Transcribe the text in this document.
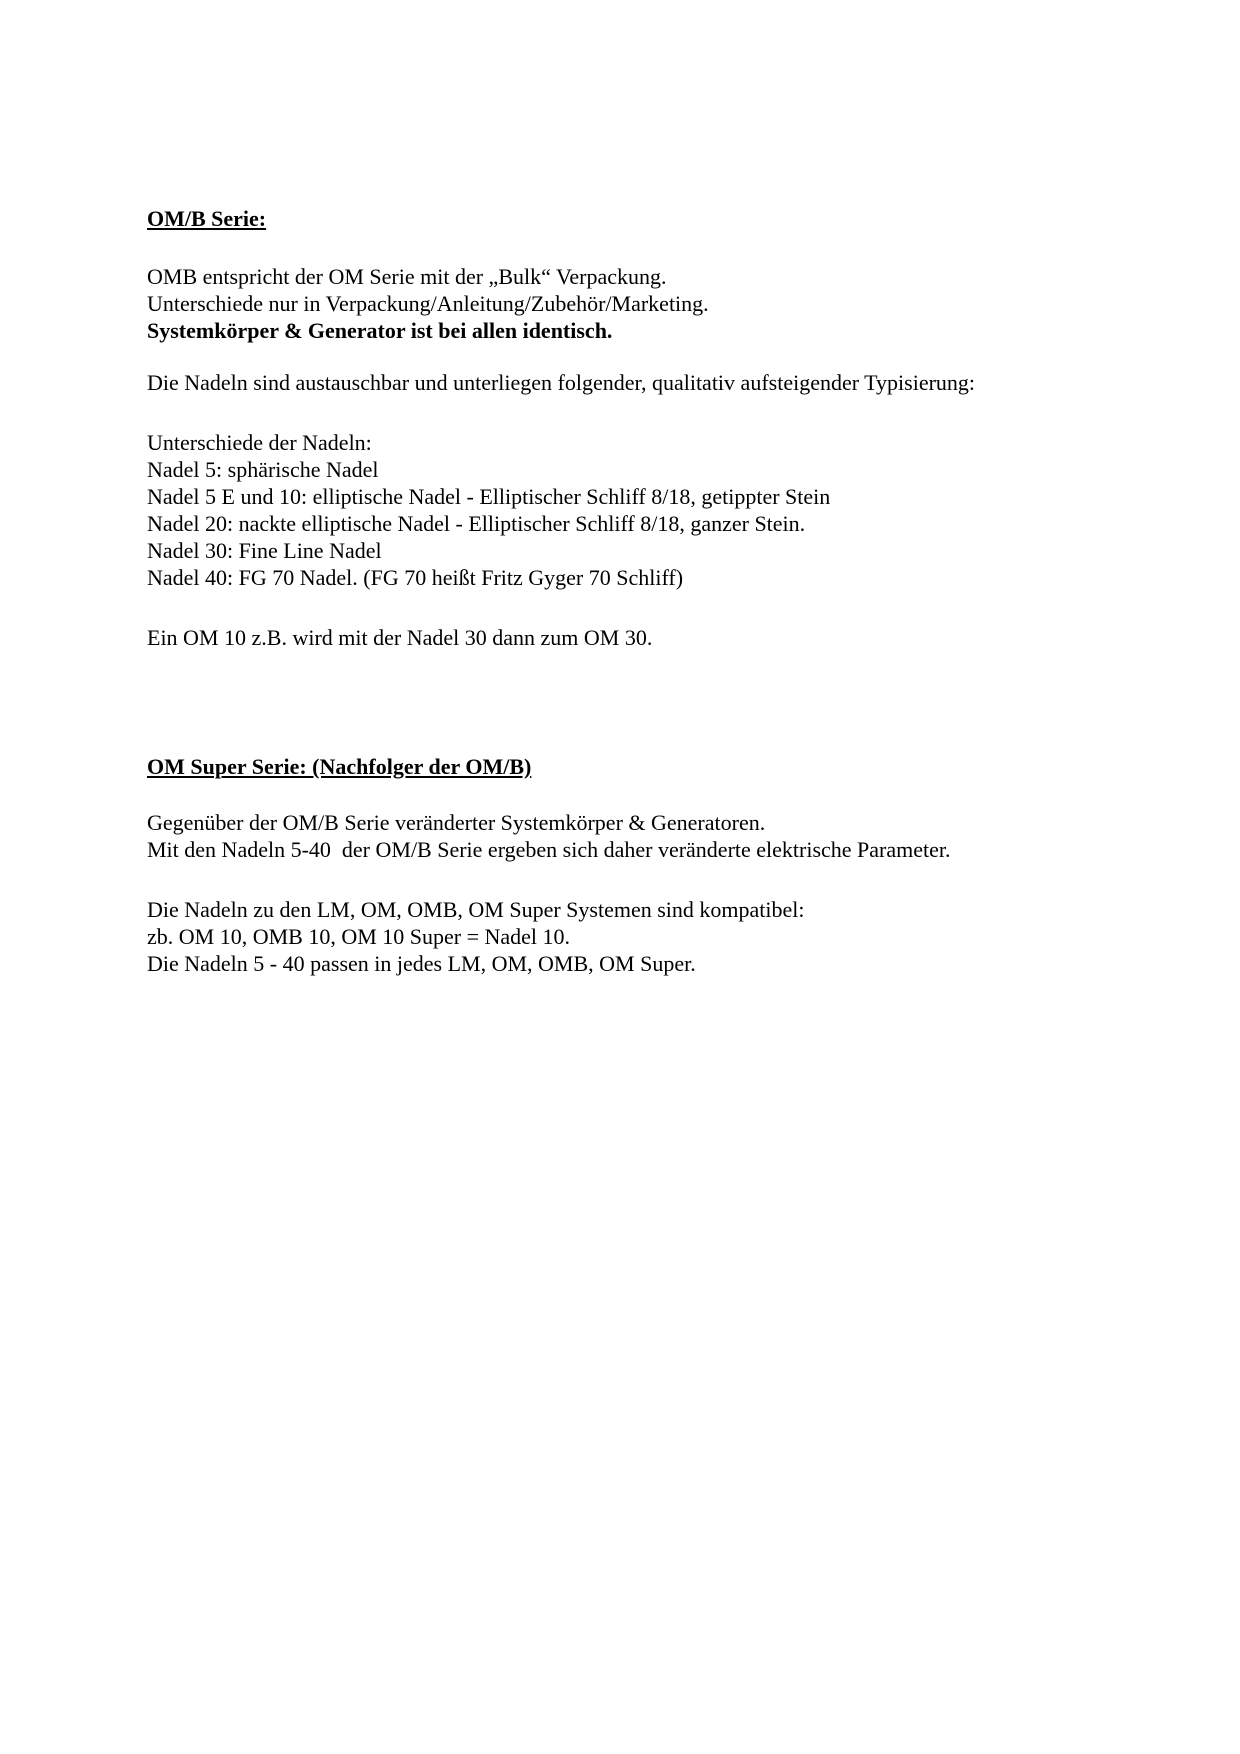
OM/B Serie:
OMB entspricht der OM Serie mit der „Bulk“ Verpackung.
Unterschiede nur in Verpackung/Anleitung/Zubehör/Marketing.
Systemkörper & Generator ist bei allen identisch.
Die Nadeln sind austauschbar und unterliegen folgender, qualitativ aufsteigender Typisierung:
Unterschiede der Nadeln:
Nadel 5: sphärische Nadel
Nadel 5 E und 10: elliptische Nadel - Elliptischer Schliff 8/18, getippter Stein
Nadel 20: nackte elliptische Nadel - Elliptischer Schliff 8/18, ganzer Stein.
Nadel 30: Fine Line Nadel
Nadel 40: FG 70 Nadel. (FG 70 heißt Fritz Gyger 70 Schliff)
Ein OM 10 z.B. wird mit der Nadel 30 dann zum OM 30.
OM Super Serie: (Nachfolger der OM/B)
Gegenüber der OM/B Serie veränderter Systemkörper & Generatoren.
Mit den Nadeln 5-40  der OM/B Serie ergeben sich daher veränderte elektrische Parameter.
Die Nadeln zu den LM, OM, OMB, OM Super Systemen sind kompatibel:
zb. OM 10, OMB 10, OM 10 Super = Nadel 10.
Die Nadeln 5 - 40 passen in jedes LM, OM, OMB, OM Super.
